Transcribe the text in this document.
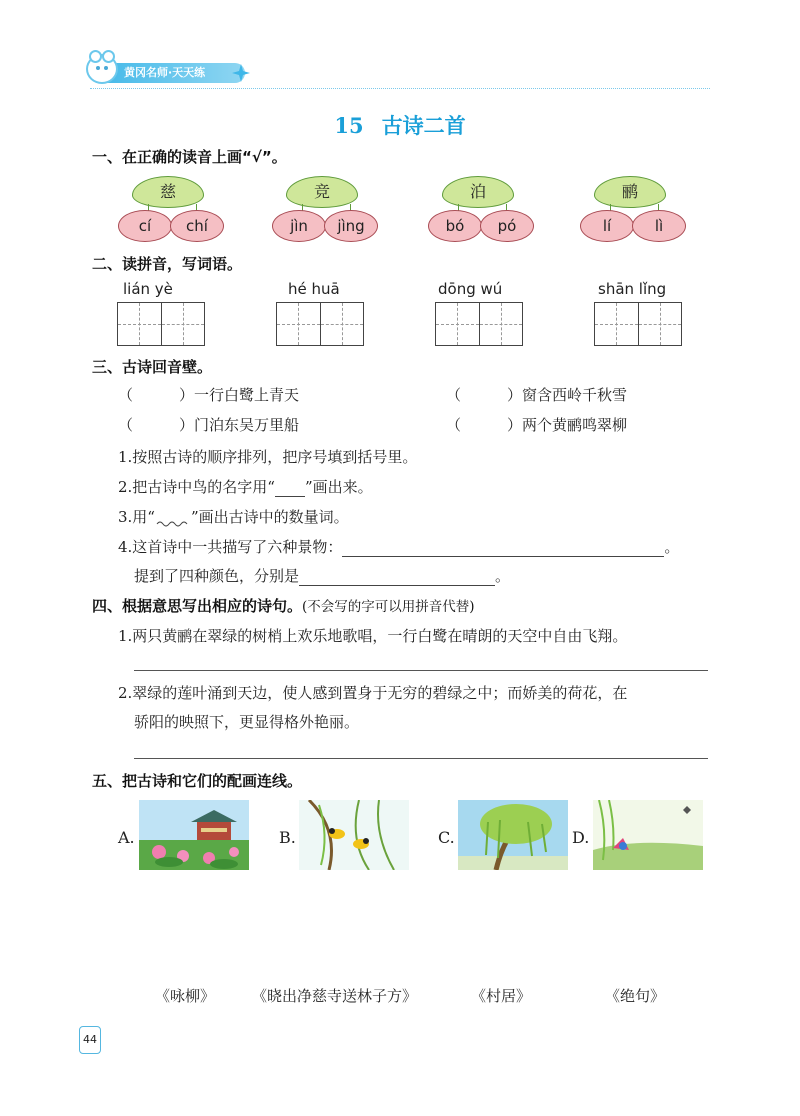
黄冈名师·天天练
15 古诗二首
一、在正确的读音上画“√”。
慈
cí	chí
竞
jìn	jìng
泊
bó	pó
鹂
lí	lì
二、读拼音，写词语。
lián yè	hé huā	dōng wú	shān lǐng
三、古诗回音壁。
（	）一行白鹭上青天	（	）窗含西岭千秋雪
（	）门泊东吴万里船	（	）两个黄鹂鸣翠柳
1.按照古诗的顺序排列，把序号填到括号里。
2.把古诗中鸟的名字用“ ”画出来。
3.用“ ”画出古诗中的数量词。
4.这首诗中一共描写了六种景物：	。
提到了四种颜色，分别是	。
四、根据意思写出相应的诗句。(不会写的字可以用拼音代替)
1.两只黄鹂在翠绿的树梢上欢乐地歌唱，一行白鹭在晴朗的天空中自由飞翔。
2.翠绿的莲叶涌到天边，使人感到置身于无穷的碧绿之中；而娇美的荷花，在
骄阳的映照下，更显得格外艳丽。
五、把古诗和它们的配画连线。
A.	B.	C.	D.
《咏柳》 《晓出净慈寺送林子方》	《村居》	《绝句》
44
